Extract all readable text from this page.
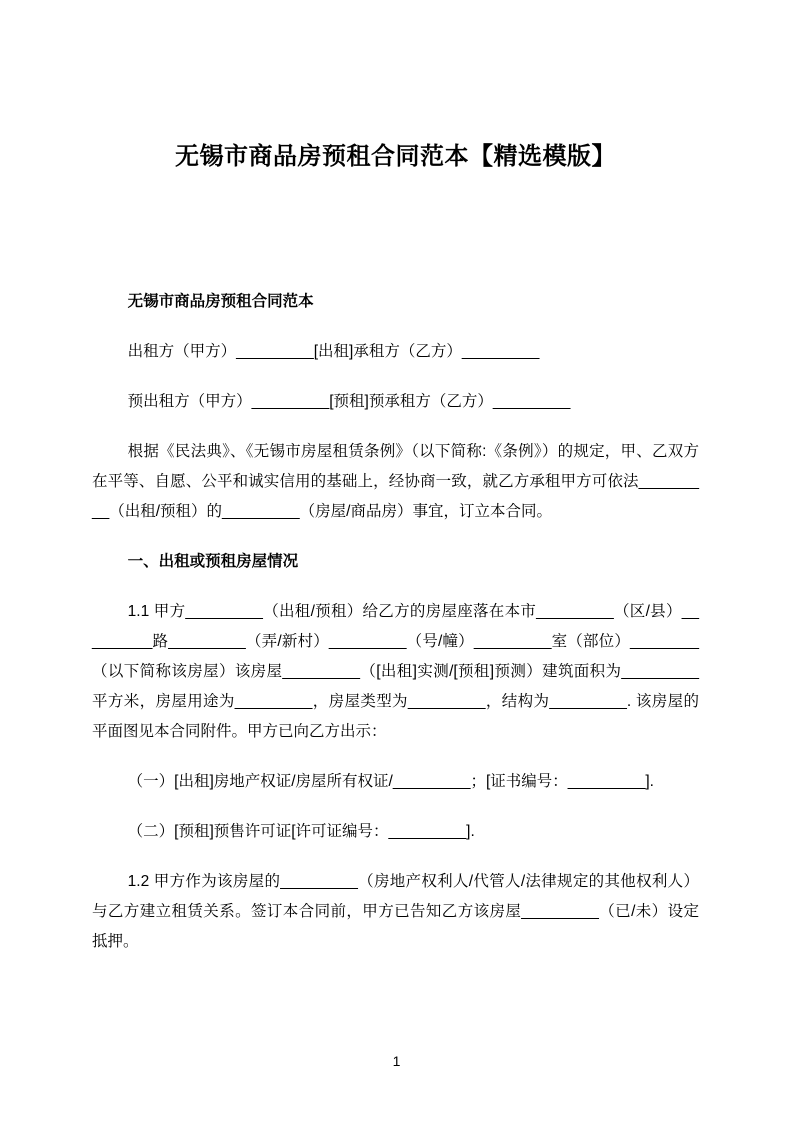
无锡市商品房预租合同范本【精选模版】

无锡市商品房预租合同范本

出租方（甲方）_________[出租]承租方（乙方）_________

预出租方（甲方）_________[预租]预承租方（乙方）_________

根据《民法典》、《无锡市房屋租赁条例》（以下简称:《条例》）的规定，甲、乙双方在平等、自愿、公平和诚实信用的基础上，经协商一致，就乙方承租甲方可依法_________（出租/预租）的_________（房屋/商品房）事宜，订立本合同。

一、出租或预租房屋情况

1.1 甲方_________（出租/预租）给乙方的房屋座落在本市_________（区/县）_________路_________（弄/新村）_________（号/幢）_________室（部位）________（以下简称该房屋）该房屋_________（[出租]实测/[预租]预测）建筑面积为_________平方米，房屋用途为_________，房屋类型为_________，结构为_________. 该房屋的平面图见本合同附件。甲方已向乙方出示：

（一）[出租]房地产权证/房屋所有权证/_________；[证书编号：_________].

（二）[预租]预售许可证[许可证编号：_________].

1.2 甲方作为该房屋的_________（房地产权利人/代管人/法律规定的其他权利人）与乙方建立租赁关系。签订本合同前，甲方已告知乙方该房屋_________（已/未）设定抵押。

1
